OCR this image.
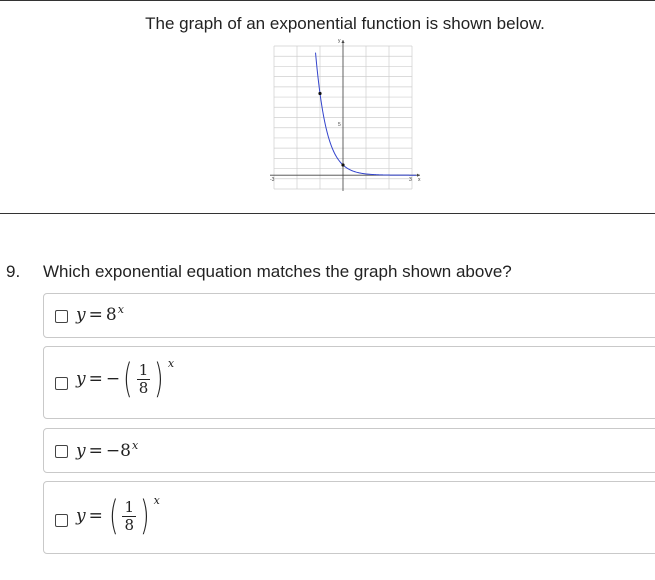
The graph of an exponential function is shown below.
y
x
-3	3
5
9. Which exponential equation matches the graph shown above?
$y = 8^x$
y = − ( $\frac{1}{8}$ ) x
$y = -8^x$
y = ( $\frac{1}{8}$ ) x
